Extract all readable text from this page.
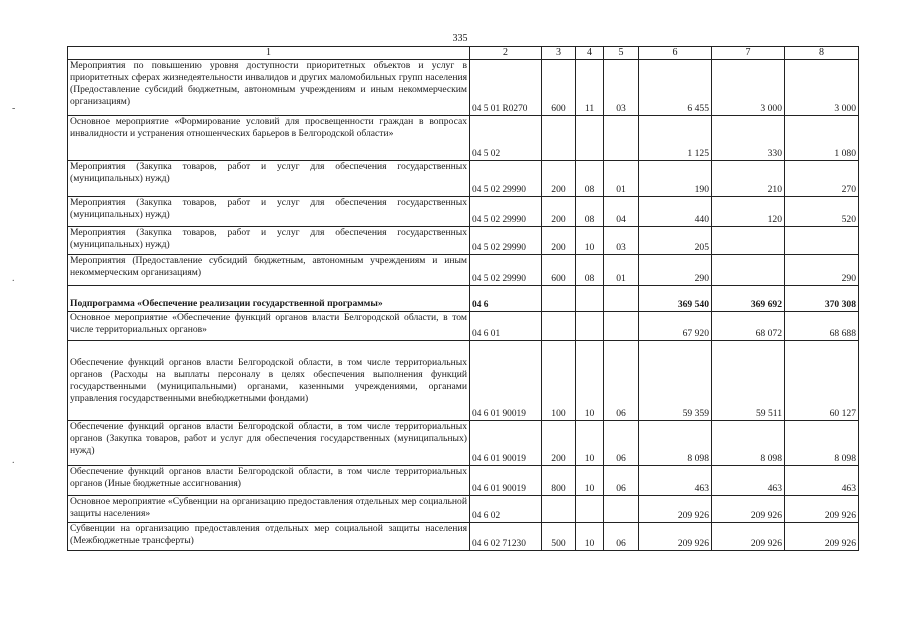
335
-
.
.
1	2	3	4	5	6	7	8
Мероприятия по повышению уровня доступности приоритетных объектов и услуг в приоритетных сферах жизнедеятельности инвалидов и других маломобильных групп населения (Предоставление субсидий бюджетным, автономным учреждениям и иным некоммерческим организациям)	04 5 01 R0270	600	11	03	6 455	3 000	3 000
Основное мероприятие «Формирование условий для просвещенности граждан в вопросах инвалидности и устранения отношенческих барьеров в Белгородской области»	04 5 02				1 125	330	1 080
Мероприятия (Закупка товаров, работ и услуг для обеспечения государственных (муниципальных) нужд)	04 5 02 29990	200	08	01	190	210	270
Мероприятия (Закупка товаров, работ и услуг для обеспечения государственных (муниципальных) нужд)	04 5 02 29990	200	08	04	440	120	520
Мероприятия (Закупка товаров, работ и услуг для обеспечения государственных (муниципальных) нужд)	04 5 02 29990	200	10	03	205		
Мероприятия (Предоставление субсидий бюджетным, автономным учреждениям и иным некоммерческим организациям)	04 5 02 29990	600	08	01	290		290
Подпрограмма «Обеспечение реализации государственной программы»	04 6				369 540	369 692	370 308
Основное мероприятие «Обеспечение функций органов власти Белгородской области, в том числе территориальных органов»	04 6 01				67 920	68 072	68 688
Обеспечение функций органов власти Белгородской области, в том числе территориальных органов (Расходы на выплаты персоналу в целях обеспечения выполнения функций государственными (муниципальными) органами, казенными учреждениями, органами управления государственными внебюджетными фондами)	04 6 01 90019	100	10	06	59 359	59 511	60 127
Обеспечение функций органов власти Белгородской области, в том числе территориальных органов (Закупка товаров, работ и услуг для обеспечения государственных (муниципальных) нужд)	04 6 01 90019	200	10	06	8 098	8 098	8 098
Обеспечение функций органов власти Белгородской области, в том числе территориальных органов (Иные бюджетные ассигнования)	04 6 01 90019	800	10	06	463	463	463
Основное мероприятие «Субвенции на организацию предоставления отдельных мер социальной защиты населения»	04 6 02				209 926	209 926	209 926
Субвенции на организацию предоставления отдельных мер социальной защиты населения (Межбюджетные трансферты)	04 6 02 71230	500	10	06	209 926	209 926	209 926
